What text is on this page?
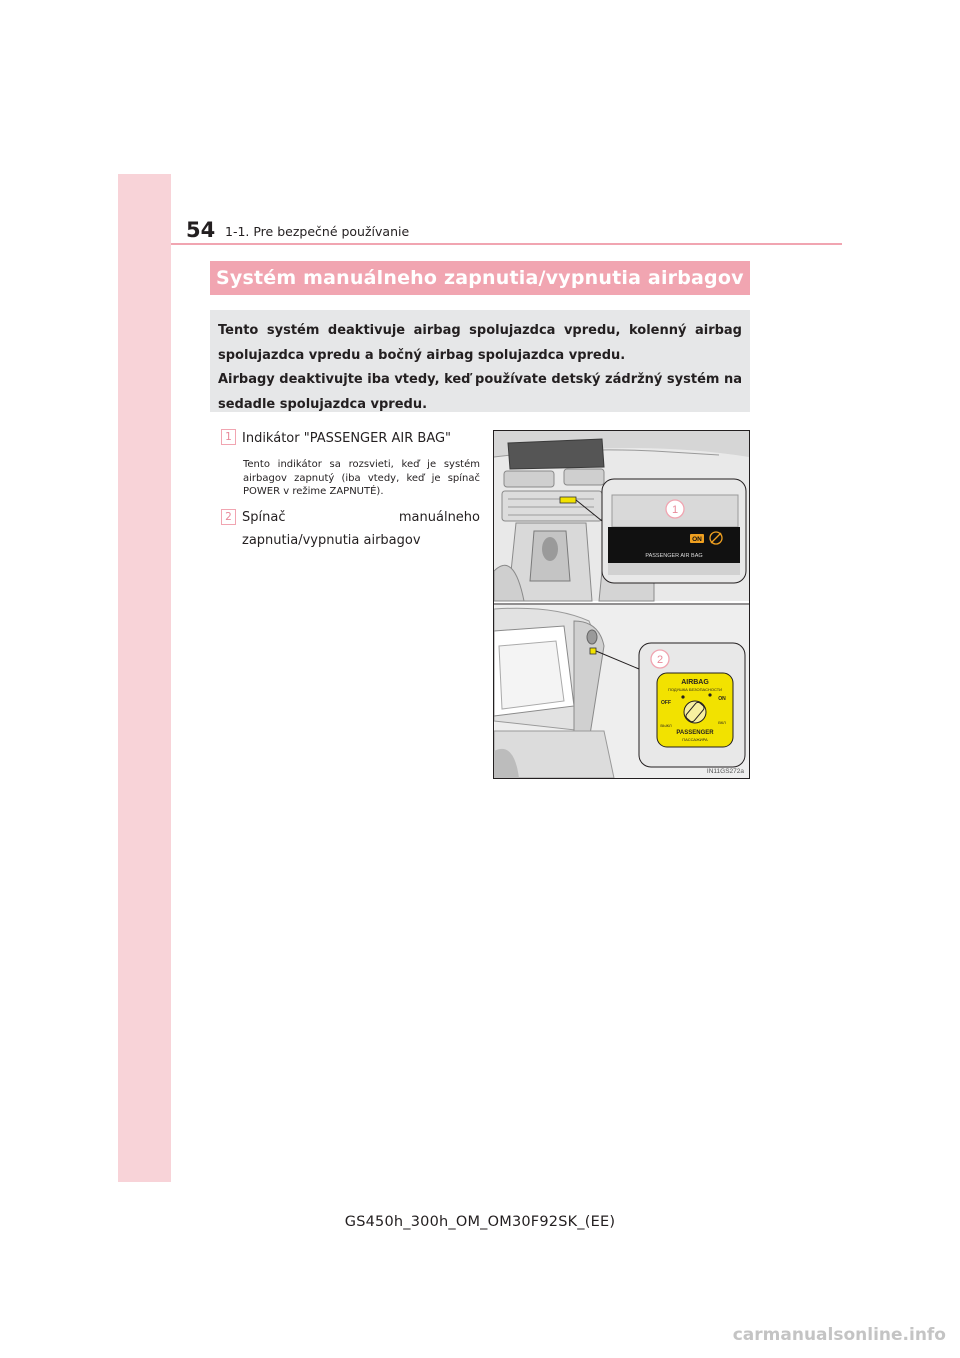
54 1-1. Pre bezpečné používanie
Systém manuálneho zapnutia/vypnutia airbagov

Tento systém deaktivuje airbag spolujazdca vpredu, kolenný airbag spolujazdca vpredu a bočný airbag spolujazdca vpredu.

Airbagy deaktivujte iba vtedy, keď používate detský zádržný systém na sedadle spolujazdca vpredu.

1 Indikátor "PASSENGER AIR BAG"
Tento indikátor sa rozsvieti, keď je systém airbagov zapnutý (iba vtedy, keď je spínač POWER v režime ZAPNUTÉ).
2 Spínač manuálneho zapnutia/vypnutia airbagov	ON
PASSENGER AIR BAG
1
AIRBAG
ПОДУШКА БЕЗОПАСНОСТИ
OFF
ВЫКЛ
ON
ВКЛ
PASSENGER
ПАССАЖИРА
2
IN11GS272a
GS450h_300h_OM_OM30F92SK_(EE)
carmanualsonline.info
